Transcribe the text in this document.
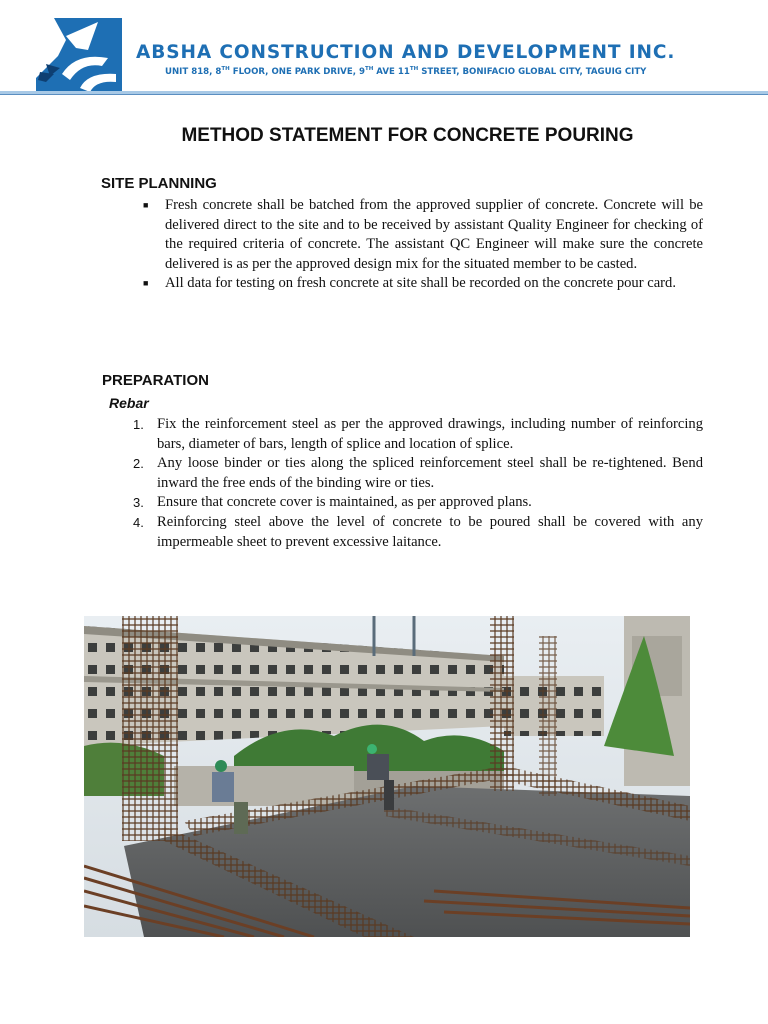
ABSHA CONSTRUCTION AND DEVELOPMENT INC.
UNIT 818, 8TH FLOOR, ONE PARK DRIVE, 9TH AVE 11TH STREET, BONIFACIO GLOBAL CITY, TAGUIG CITY
METHOD STATEMENT FOR CONCRETE POURING
SITE PLANNING
■ Fresh concrete shall be batched from the approved supplier of concrete. Concrete will be delivered direct to the site and to be received by assistant Quality Engineer for checking of the required criteria of concrete. The assistant QC Engineer will make sure the concrete delivered is as per the approved design mix for the situated member to be casted.
■ All data for testing on fresh concrete at site shall be recorded on the concrete pour card.
PREPARATION
Rebar
1. Fix the reinforcement steel as per the approved drawings, including number of reinforcing bars, diameter of bars, length of splice and location of splice.
2. Any loose binder or ties along the spliced reinforcement steel shall be re-tightened. Bend inward the free ends of the binding wire or ties.
3. Ensure that concrete cover is maintained, as per approved plans.
4. Reinforcing steel above the level of concrete to be poured shall be covered with any impermeable sheet to prevent excessive laitance.
